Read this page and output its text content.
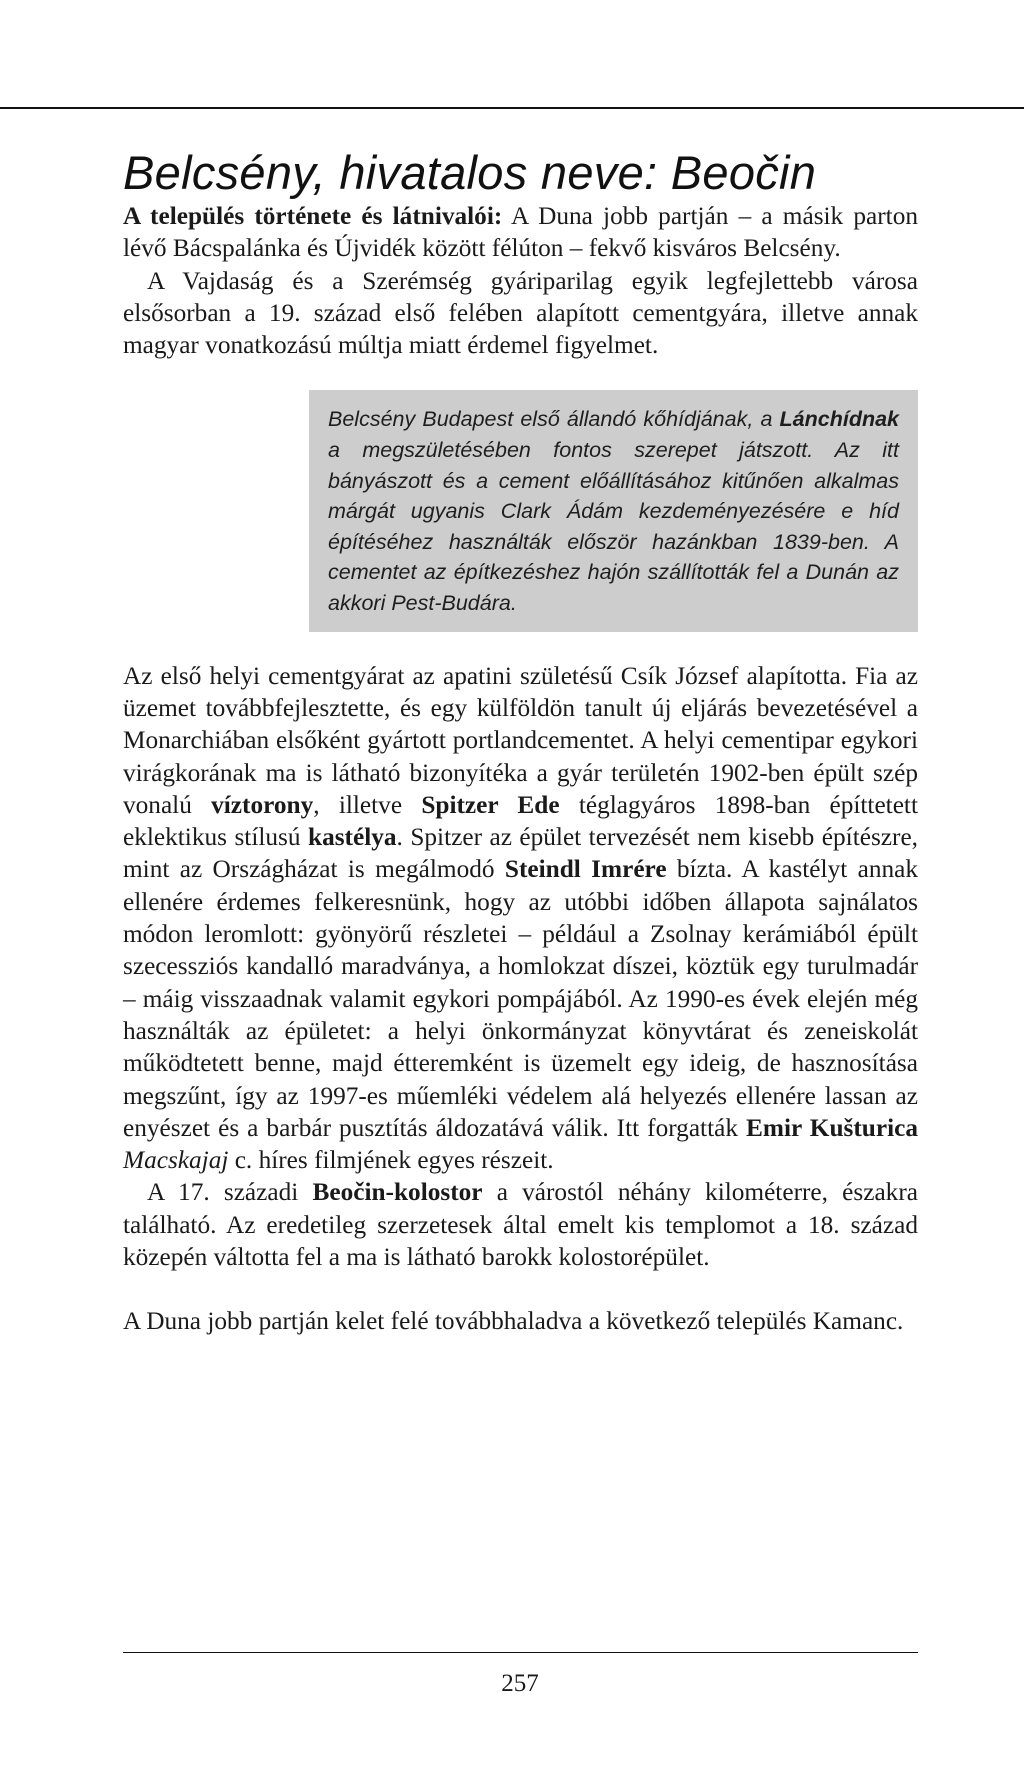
Belcsény, hivatalos neve: Beočin

A település története és látnivalói: A Duna jobb partján – a másik parton lévő Bácspalánka és Újvidék között félúton – fekvő kisváros Belcsény.

A Vajdaság és a Szerémség gyáriparilag egyik legfejlettebb városa elsősorban a 19. század első felében alapított cementgyára, illetve annak magyar vonatkozású múltja miatt érdemel figyelmet.

Belcsény Budapest első állandó kőhídjának, a Lánchídnak a megszületésében fontos szerepet játszott. Az itt bányászott és a cement előállításához kitűnően alkalmas márgát ugyanis Clark Ádám kezdeményezésére e híd építéséhez használták először hazánkban 1839-ben. A cementet az építkezéshez hajón szállították fel a Dunán az akkori Pest-Budára.

Az első helyi cementgyárat az apatini születésű Csík József alapította. Fia az üzemet továbbfejlesztette, és egy külföldön tanult új eljárás bevezetésével a Monarchiában elsőként gyártott portlandcementet. A helyi cementipar egykori virágkorának ma is látható bizonyítéka a gyár területén 1902-ben épült szép vonalú víztorony, illetve Spitzer Ede téglagyáros 1898-ban építtetett eklektikus stílusú kastélya. Spitzer az épület tervezését nem kisebb építészre, mint az Országházat is megálmodó Steindl Imrére bízta. A kastélyt annak ellenére érdemes felkeresnünk, hogy az utóbbi időben állapota sajnálatos módon leromlott: gyönyörű részletei – például a Zsolnay kerámiából épült szecessziós kandalló maradványa, a homlokzat díszei, köztük egy turulmadár – máig visszaadnak valamit egykori pompájából. Az 1990-es évek elején még használták az épületet: a helyi önkormányzat könyvtárat és zeneiskolát működtetett benne, majd étteremként is üzemelt egy ideig, de hasznosítása megszűnt, így az 1997-es műemléki védelem alá helyezés ellenére lassan az enyészet és a barbár pusztítás áldozatává válik. Itt forgatták Emir Kušturica Macskajaj c. híres filmjének egyes részeit.

A 17. századi Beočin-kolostor a várostól néhány kilométerre, északra található. Az eredetileg szerzetesek által emelt kis templomot a 18. század közepén váltotta fel a ma is látható barokk kolostorépület.

A Duna jobb partján kelet felé továbbhaladva a következő település Kamanc.

257
